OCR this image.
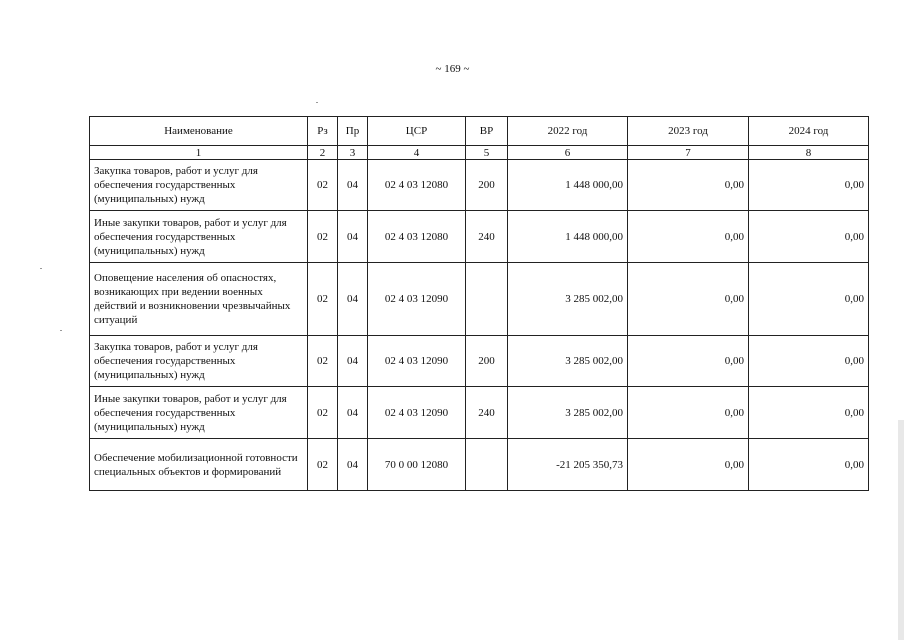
~ 169 ~
Наименование	Рз	Пр	ЦСР	ВР	2022 год	2023 год	2024 год
1	2	3	4	5	6	7	8
Закупка товаров, работ и услуг для обеспечения государственных (муниципальных) нужд	02	04	02 4 03 12080	200	1 448 000,00	0,00	0,00
Иные закупки товаров, работ и услуг для обеспечения государственных (муниципальных) нужд	02	04	02 4 03 12080	240	1 448 000,00	0,00	0,00
Оповещение населения об опасностях, возникающих при ведении военных действий и возникновении чрезвычайных ситуаций	02	04	02 4 03 12090		3 285 002,00	0,00	0,00
Закупка товаров, работ и услуг для обеспечения государственных (муниципальных) нужд	02	04	02 4 03 12090	200	3 285 002,00	0,00	0,00
Иные закупки товаров, работ и услуг для обеспечения государственных (муниципальных) нужд	02	04	02 4 03 12090	240	3 285 002,00	0,00	0,00
Обеспечение мобилизационной готовности специальных объектов и формирований	02	04	70 0 00 12080		-21 205 350,73	0,00	0,00
